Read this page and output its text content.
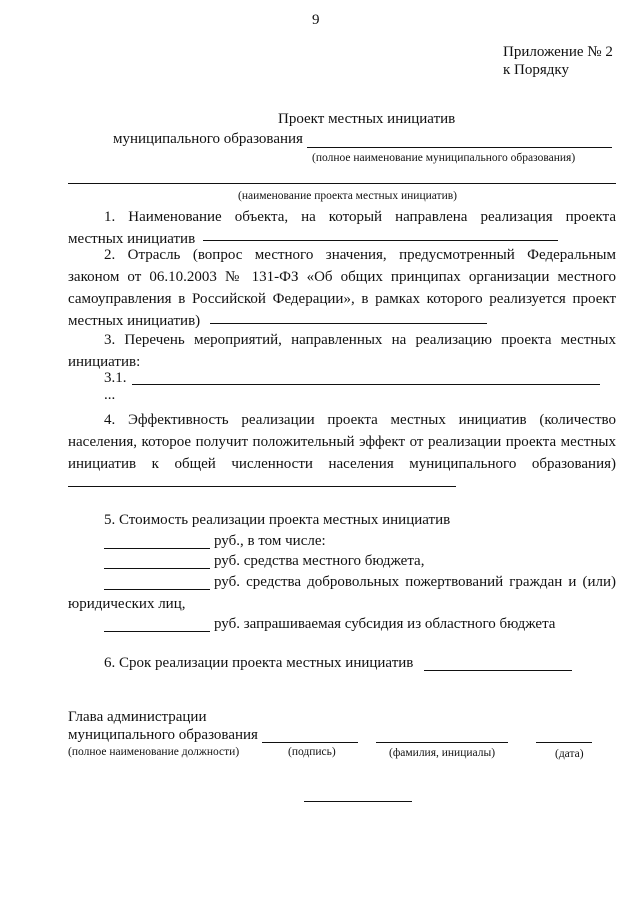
9
Приложение № 2
к Порядку
Проект местных инициатив
муниципального образования
(полное наименование муниципального образования)
(наименование проекта местных инициатив)
1. Наименование объекта, на который направлена реализация проекта
местных инициатив
2. Отрасль (вопрос местного значения, предусмотренный Федеральным
законом от 06.10.2003 № 131-ФЗ «Об общих принципах организации местного
самоуправления в Российской Федерации», в рамках которого реализуется проект
местных инициатив)
3. Перечень мероприятий, направленных на реализацию проекта местных
инициатив:
3.1.
...
4. Эффективность реализации проекта местных инициатив (количество
населения, которое получит положительный эффект от реализации проекта местных
инициатив к общей численности населения муниципального образования)
5. Стоимость реализации проекта местных инициатив
руб., в том числе:
руб. средства местного бюджета,
руб. средства добровольных пожертвований граждан и (или)
юридических лиц,
руб. запрашиваемая субсидия из областного бюджета
6. Срок реализации проекта местных инициатив
Глава администрации
муниципального образования
(полное наименование должности)	(подпись)	(фамилия, инициалы)	(дата)
